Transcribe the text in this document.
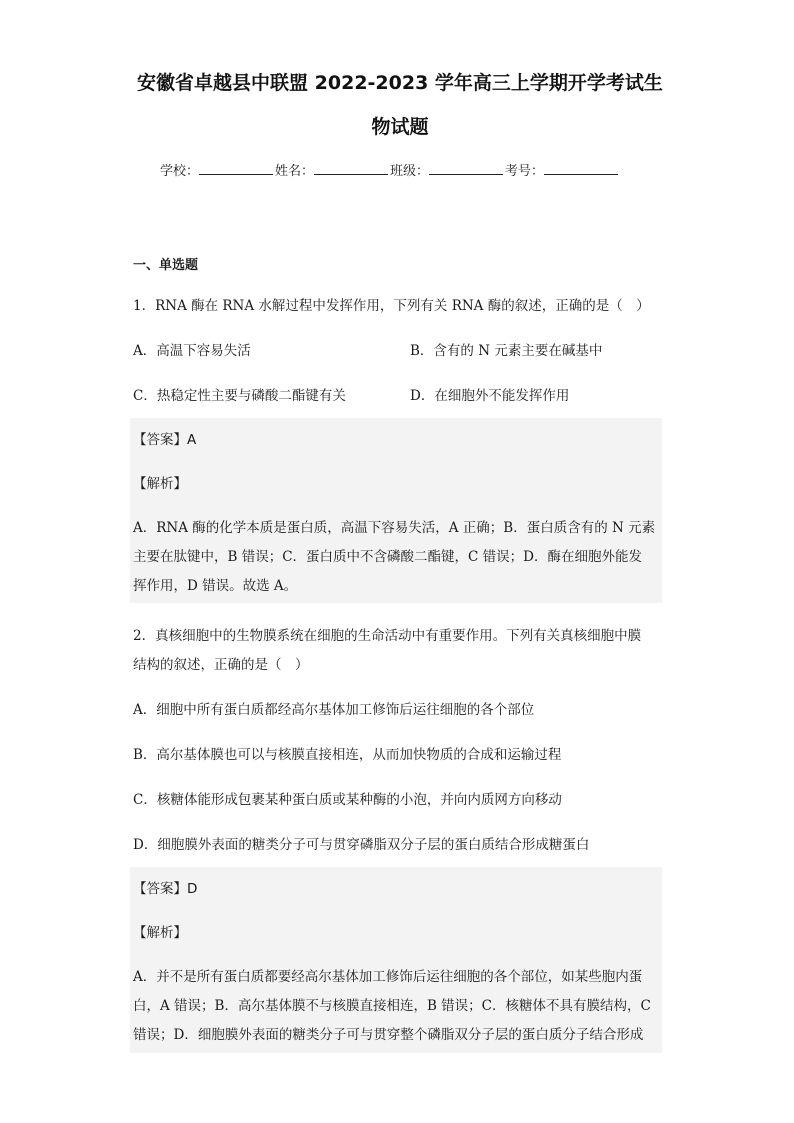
安徽省卓越县中联盟 2022-2023 学年高三上学期开学考试生
物试题
学校：	姓名：	班级：	考号：
一、单选题
1．RNA 酶在 RNA 水解过程中发挥作用，下列有关 RNA 酶的叙述，正确的是（　）
A．高温下容易失活	B．含有的 N 元素主要在碱基中
C．热稳定性主要与磷酸二酯键有关	D．在细胞外不能发挥作用
【答案】A
【解析】
A．RNA 酶的化学本质是蛋白质，高温下容易失活，A 正确；B．蛋白质含有的 N 元素
主要在肽键中，B 错误；C．蛋白质中不含磷酸二酯键，C 错误；D．酶在细胞外能发
挥作用，D 错误。故选 A。
2．真核细胞中的生物膜系统在细胞的生命活动中有重要作用。下列有关真核细胞中膜
结构的叙述，正确的是（　）
A．细胞中所有蛋白质都经高尔基体加工修饰后运往细胞的各个部位
B．高尔基体膜也可以与核膜直接相连，从而加快物质的合成和运输过程
C．核糖体能形成包裹某种蛋白质或某种酶的小泡，并向内质网方向移动
D．细胞膜外表面的糖类分子可与贯穿磷脂双分子层的蛋白质结合形成糖蛋白
【答案】D
【解析】
A．并不是所有蛋白质都要经高尔基体加工修饰后运往细胞的各个部位，如某些胞内蛋
白，A 错误；B．高尔基体膜不与核膜直接相连，B 错误；C．核糖体不具有膜结构，C
错误；D．细胞膜外表面的糖类分子可与贯穿整个磷脂双分子层的蛋白质分子结合形成
